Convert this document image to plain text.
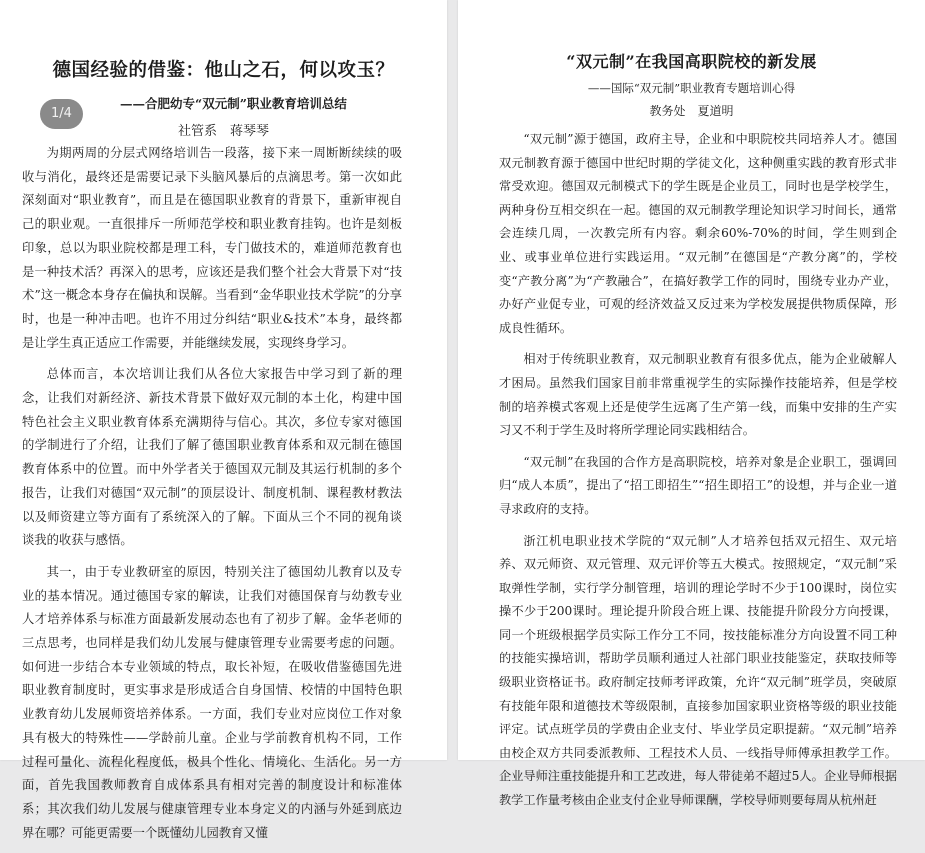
德国经验的借鉴：他山之石，何以攻玉？
——合肥幼专“双元制”职业教育培训总结
社管系　蒋琴琴

为期两周的分层式网络培训告一段落，接下来一周断断续续的吸收与消化，最终还是需要记录下头脑风暴后的点滴思考。第一次如此深刻面对“职业教育”，而且是在德国职业教育的背景下，重新审视自己的职业观。一直很排斥一所师范学校和职业教育挂钩。也许是刻板印象，总以为职业院校都是理工科，专门做技术的，难道师范教育也是一种技术活？再深入的思考，应该还是我们整个社会大背景下对“技术”这一概念本身存在偏执和误解。当看到“金华职业技术学院”的分享时，也是一种冲击吧。也许不用过分纠结“职业&技术”本身，最终都是让学生真正适应工作需要，并能继续发展，实现终身学习。

总体而言，本次培训让我们从各位大家报告中学习到了新的理念，让我们对新经济、新技术背景下做好双元制的本土化，构建中国特色社会主义职业教育体系充满期待与信心。其次，多位专家对德国的学制进行了介绍，让我们了解了德国职业教育体系和双元制在德国教育体系中的位置。而中外学者关于德国双元制及其运行机制的多个报告，让我们对德国“双元制”的顶层设计、制度机制、课程教材教法以及师资建立等方面有了系统深入的了解。下面从三个不同的视角谈谈我的收获与感悟。

其一，由于专业教研室的原因，特别关注了德国幼儿教育以及专业的基本情况。通过德国专家的解读，让我们对德国保育与幼教专业人才培养体系与标准方面最新发展动态也有了初步了解。金华老师的三点思考，也同样是我们幼儿发展与健康管理专业需要考虑的问题。如何进一步结合本专业领域的特点，取长补短，在吸收借鉴德国先进职业教育制度时，更实事求是形成适合自身国情、校情的中国特色职业教育幼儿发展师资培养体系。一方面，我们专业对应岗位工作对象具有极大的特殊性——学龄前儿童。企业与学前教育机构不同，工作过程可量化、流程化程度低，极具个性化、情境化、生活化。另一方面，首先我国教师教育自成体系具有相对完善的制度设计和标准体系；其次我们幼儿发展与健康管理专业本身定义的内涵与外延到底边界在哪？可能更需要一个既懂幼儿园教育又懂

1/4
“双元制”在我国高职院校的新发展
——国际“双元制”职业教育专题培训心得
教务处　夏道明

“双元制”源于德国，政府主导，企业和中职院校共同培养人才。德国双元制教育源于德国中世纪时期的学徒文化，这种侧重实践的教育形式非常受欢迎。德国双元制模式下的学生既是企业员工，同时也是学校学生，两种身份互相交织在一起。德国的双元制教学理论知识学习时间长，通常会连续几周，一次教完所有内容。剩余60%-70%的时间，学生则到企业、或事业单位进行实践运用。“双元制”在德国是“产教分离”的，学校变“产教分离”为“产教融合”，在搞好教学工作的同时，围绕专业办产业，办好产业促专业，可观的经济效益又反过来为学校发展提供物质保障，形成良性循环。

相对于传统职业教育，双元制职业教育有很多优点，能为企业破解人才困局。虽然我们国家目前非常重视学生的实际操作技能培养，但是学校制的培养模式客观上还是使学生远离了生产第一线，而集中安排的生产实习又不利于学生及时将所学理论同实践相结合。

“双元制”在我国的合作方是高职院校，培养对象是企业职工，强调回归“成人本质”，提出了“招工即招生”“招生即招工”的设想，并与企业一道寻求政府的支持。

浙江机电职业技术学院的“双元制”人才培养包括双元招生、双元培养、双元师资、双元管理、双元评价等五大模式。按照规定，“双元制”采取弹性学制，实行学分制管理，培训的理论学时不少于100课时，岗位实操不少于200课时。理论提升阶段合班上课、技能提升阶段分方向授课，同一个班级根据学员实际工作分工不同，按技能标准分方向设置不同工种的技能实操培训，帮助学员顺利通过人社部门职业技能鉴定，获取技师等级职业资格证书。政府制定技师考评政策，允许“双元制”班学员，突破原有技能年限和道德技术等级限制，直接参加国家职业资格等级的职业技能评定。试点班学员的学费由企业支付、毕业学员定职提薪。“双元制”培养由校企双方共同委派教师、工程技术人员、一线指导师傅承担教学工作。企业导师注重技能提升和工艺改进，每人带徒弟不超过5人。企业导师根据教学工作量考核由企业支付企业导师课酬，学校导师则要每周从杭州赶
